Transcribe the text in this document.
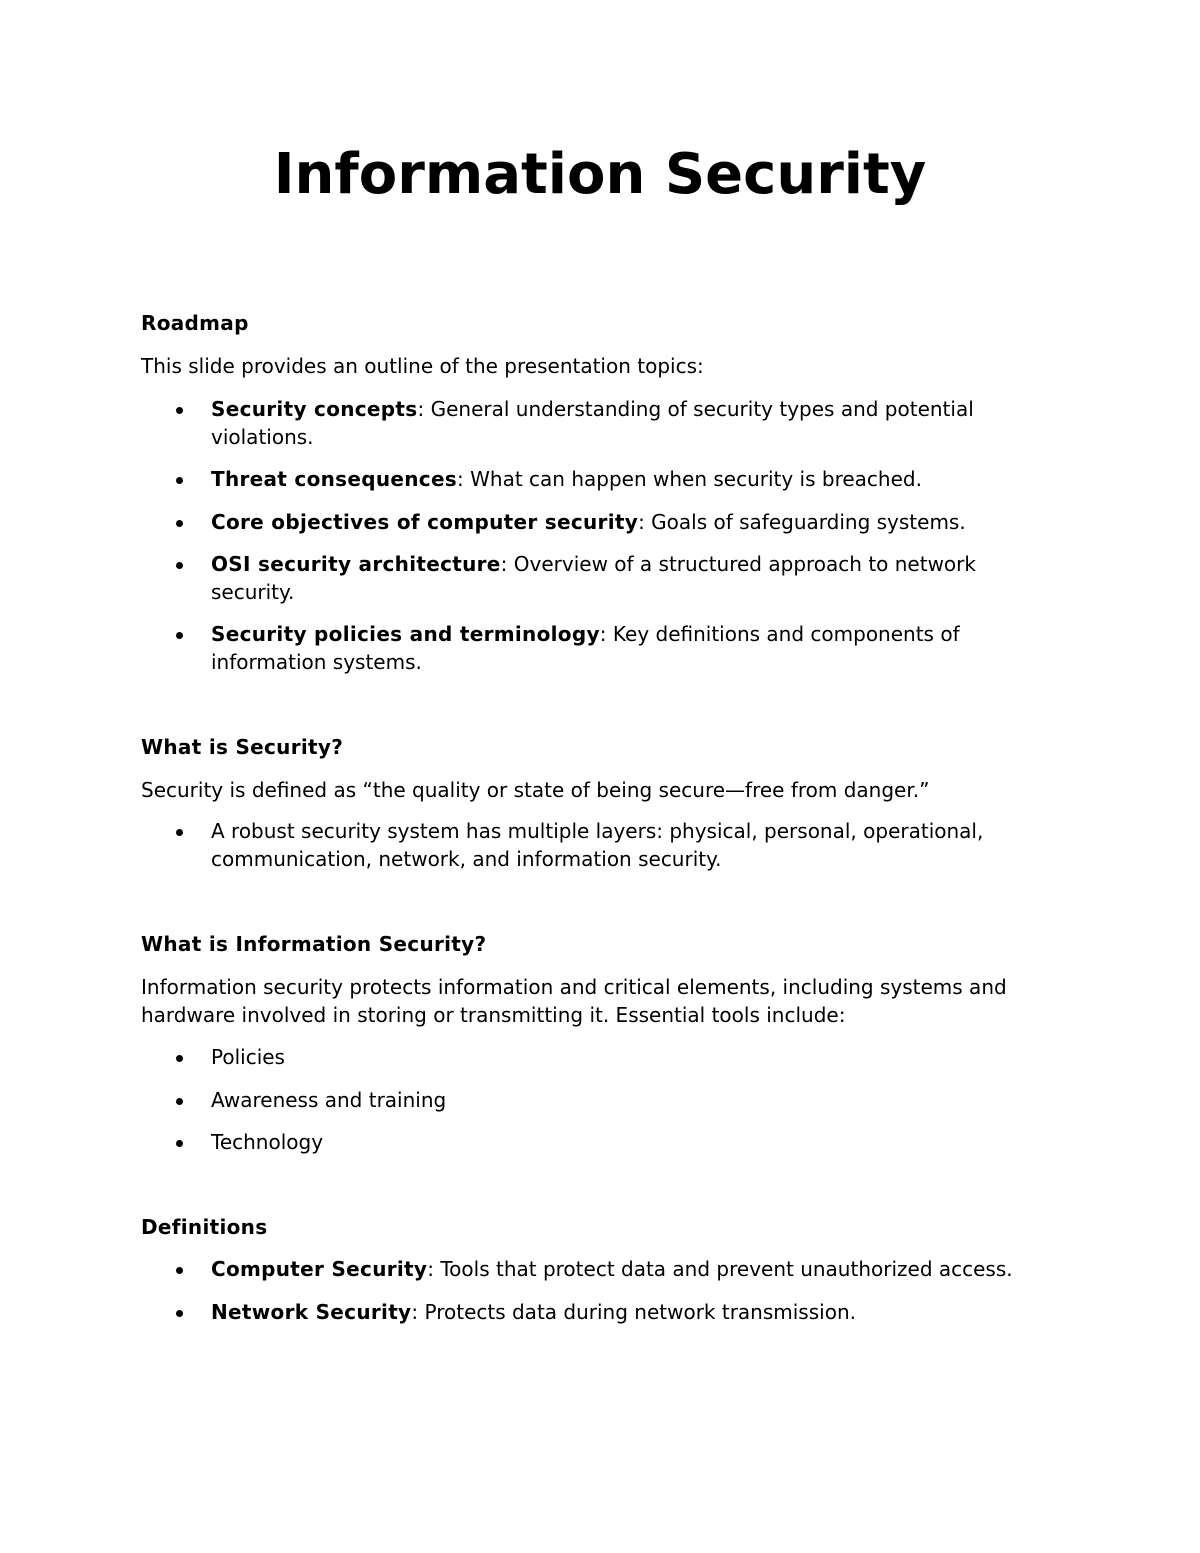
Information Security
Roadmap

This slide provides an outline of the presentation topics:

Security concepts: General understanding of security types and potential violations.
Threat consequences: What can happen when security is breached.
Core objectives of computer security: Goals of safeguarding systems.
OSI security architecture: Overview of a structured approach to network security.
Security policies and terminology: Key definitions and components of information systems.
What is Security?

Security is defined as “the quality or state of being secure—free from danger.”

A robust security system has multiple layers: physical, personal, operational, communication, network, and information security.
What is Information Security?

Information security protects information and critical elements, including systems and hardware involved in storing or transmitting it. Essential tools include:

Policies
Awareness and training
Technology
Definitions
Computer Security: Tools that protect data and prevent unauthorized access.
Network Security: Protects data during network transmission.
